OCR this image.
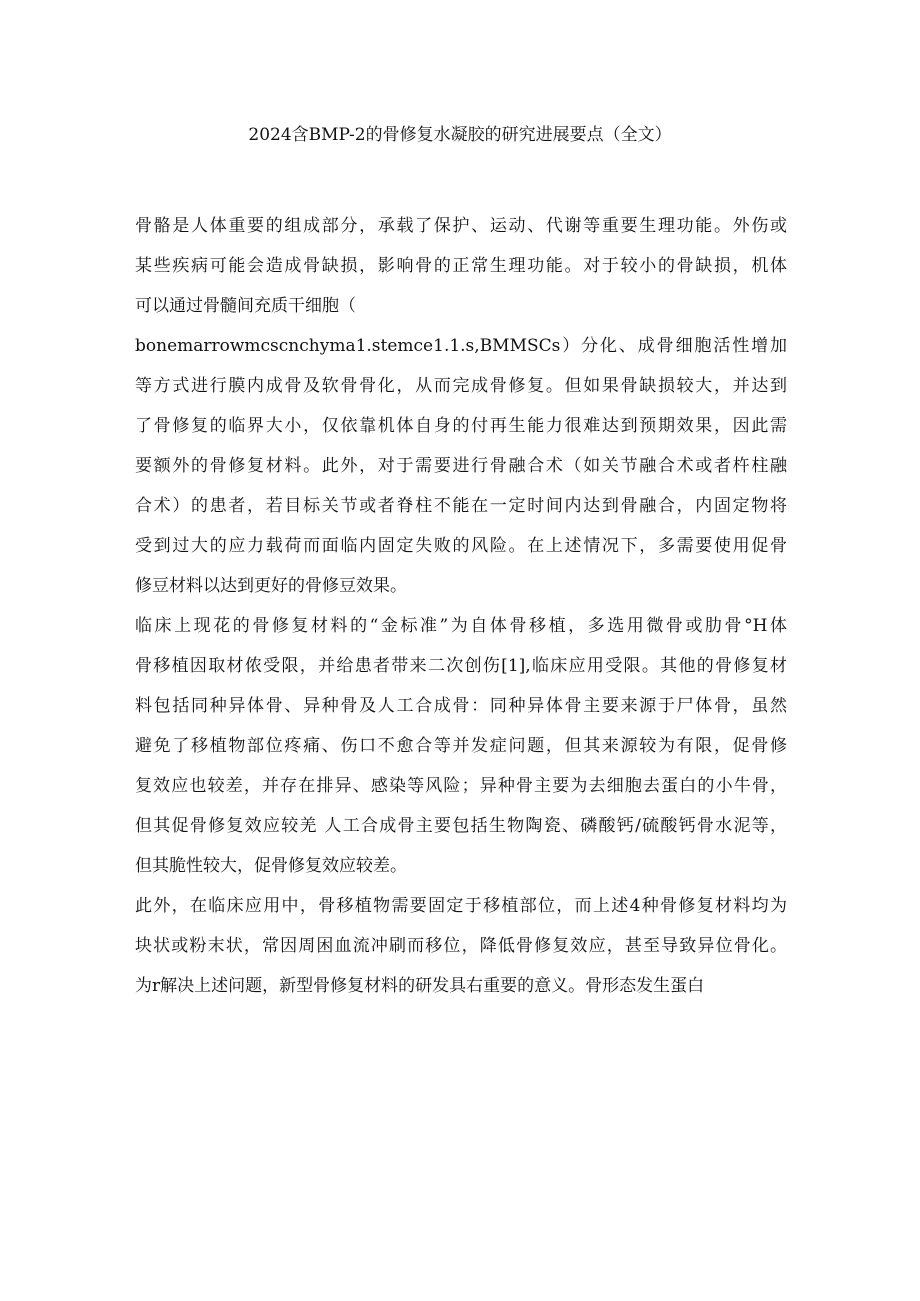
2024含BMP-2的骨修复水凝胶的研究进展要点（全文）
骨骼是人体重要的组成部分，承载了保护、运动、代谢等重要生理功能。外伤或
某些疾病可能会造成骨缺损，影响骨的正常生理功能。对于较小的骨缺损，机体
可以通过骨髓间充质干细胞（
bonemarrowmcscnchyma1.stemce1.1.s,BMMSCs）分化、成骨细胞活性增加
等方式进行膜内成骨及软骨骨化，从而完成骨修复。但如果骨缺损较大，并达到
了骨修复的临界大小，仅依靠机体自身的付再生能力很难达到预期效果，因此需
要额外的骨修复材料。此外，对于需要进行骨融合术（如关节融合术或者杵柱融
合术）的患者，若目标关节或者脊柱不能在一定时间内达到骨融合，内固定物将
受到过大的应力载荷而面临内固定失败的风险。在上述情况下，多需要使用促骨
修豆材料以达到更好的骨修豆效果。
临床上现花的骨修复材料的“金标准”为自体骨移植，多选用微骨或肋骨°H体
骨移植因取材侬受限，并给患者带来二次创伤[1],临床应用受限。其他的骨修复材
料包括同种异体骨、异种骨及人工合成骨：同种异体骨主要来源于尸体骨，虽然
避免了移植物部位疼痛、伤口不愈合等并发症问题，但其来源较为有限，促骨修
复效应也较差，并存在排异、感染等风险；异种骨主要为去细胞去蛋白的小牛骨，
但其促骨修复效应较羌 人工合成骨主要包括生物陶瓷、磷酸钙/硫酸钙骨水泥等，
但其脆性较大，促骨修复效应较差。
此外，在临床应用中，骨移植物需要固定于移植部位，而上述4种骨修复材料均为
块状或粉末状，常因周困血流冲刷而移位，降低骨修复效应，甚至导致异位骨化。
为r解决上述问题，新型骨修复材料的研发具右重要的意义。骨形态发生蛋白
